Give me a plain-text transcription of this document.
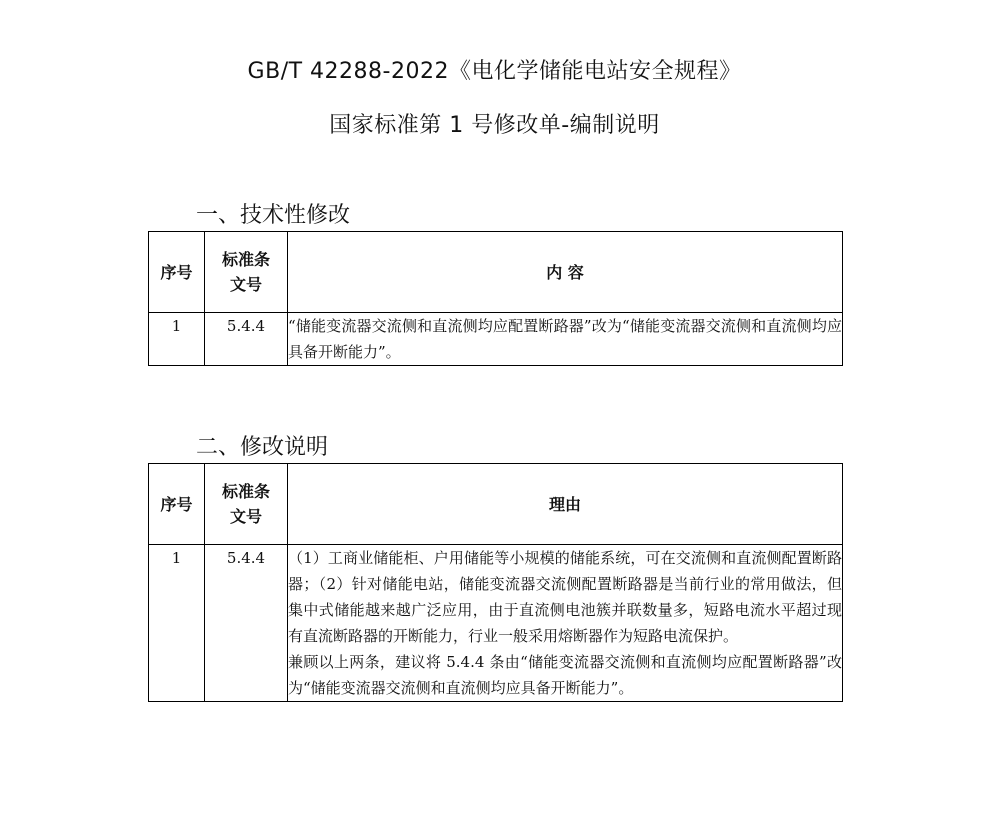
GB/T 42288-2022《电化学储能电站安全规程》
国家标准第 1 号修改单-编制说明
一、技术性修改
序号	标准条文号	内 容
1	5.4.4	“储能变流器交流侧和直流侧均应配置断路器”改为“储能变流器交流侧和直流侧均应具备开断能力”。
二、修改说明
序号	标准条文号	理由
1	5.4.4	（1）工商业储能柜、户用储能等小规模的储能系统，可在交流侧和直流侧配置断路器；（2）针对储能电站，储能变流器交流侧配置断路器是当前行业的常用做法，但集中式储能越来越广泛应用，由于直流侧电池簇并联数量多，短路电流水平超过现有直流断路器的开断能力，行业一般采用熔断器作为短路电流保护。
兼顾以上两条，建议将 5.4.4 条由“储能变流器交流侧和直流侧均应配置断路器”改为“储能变流器交流侧和直流侧均应具备开断能力”。
